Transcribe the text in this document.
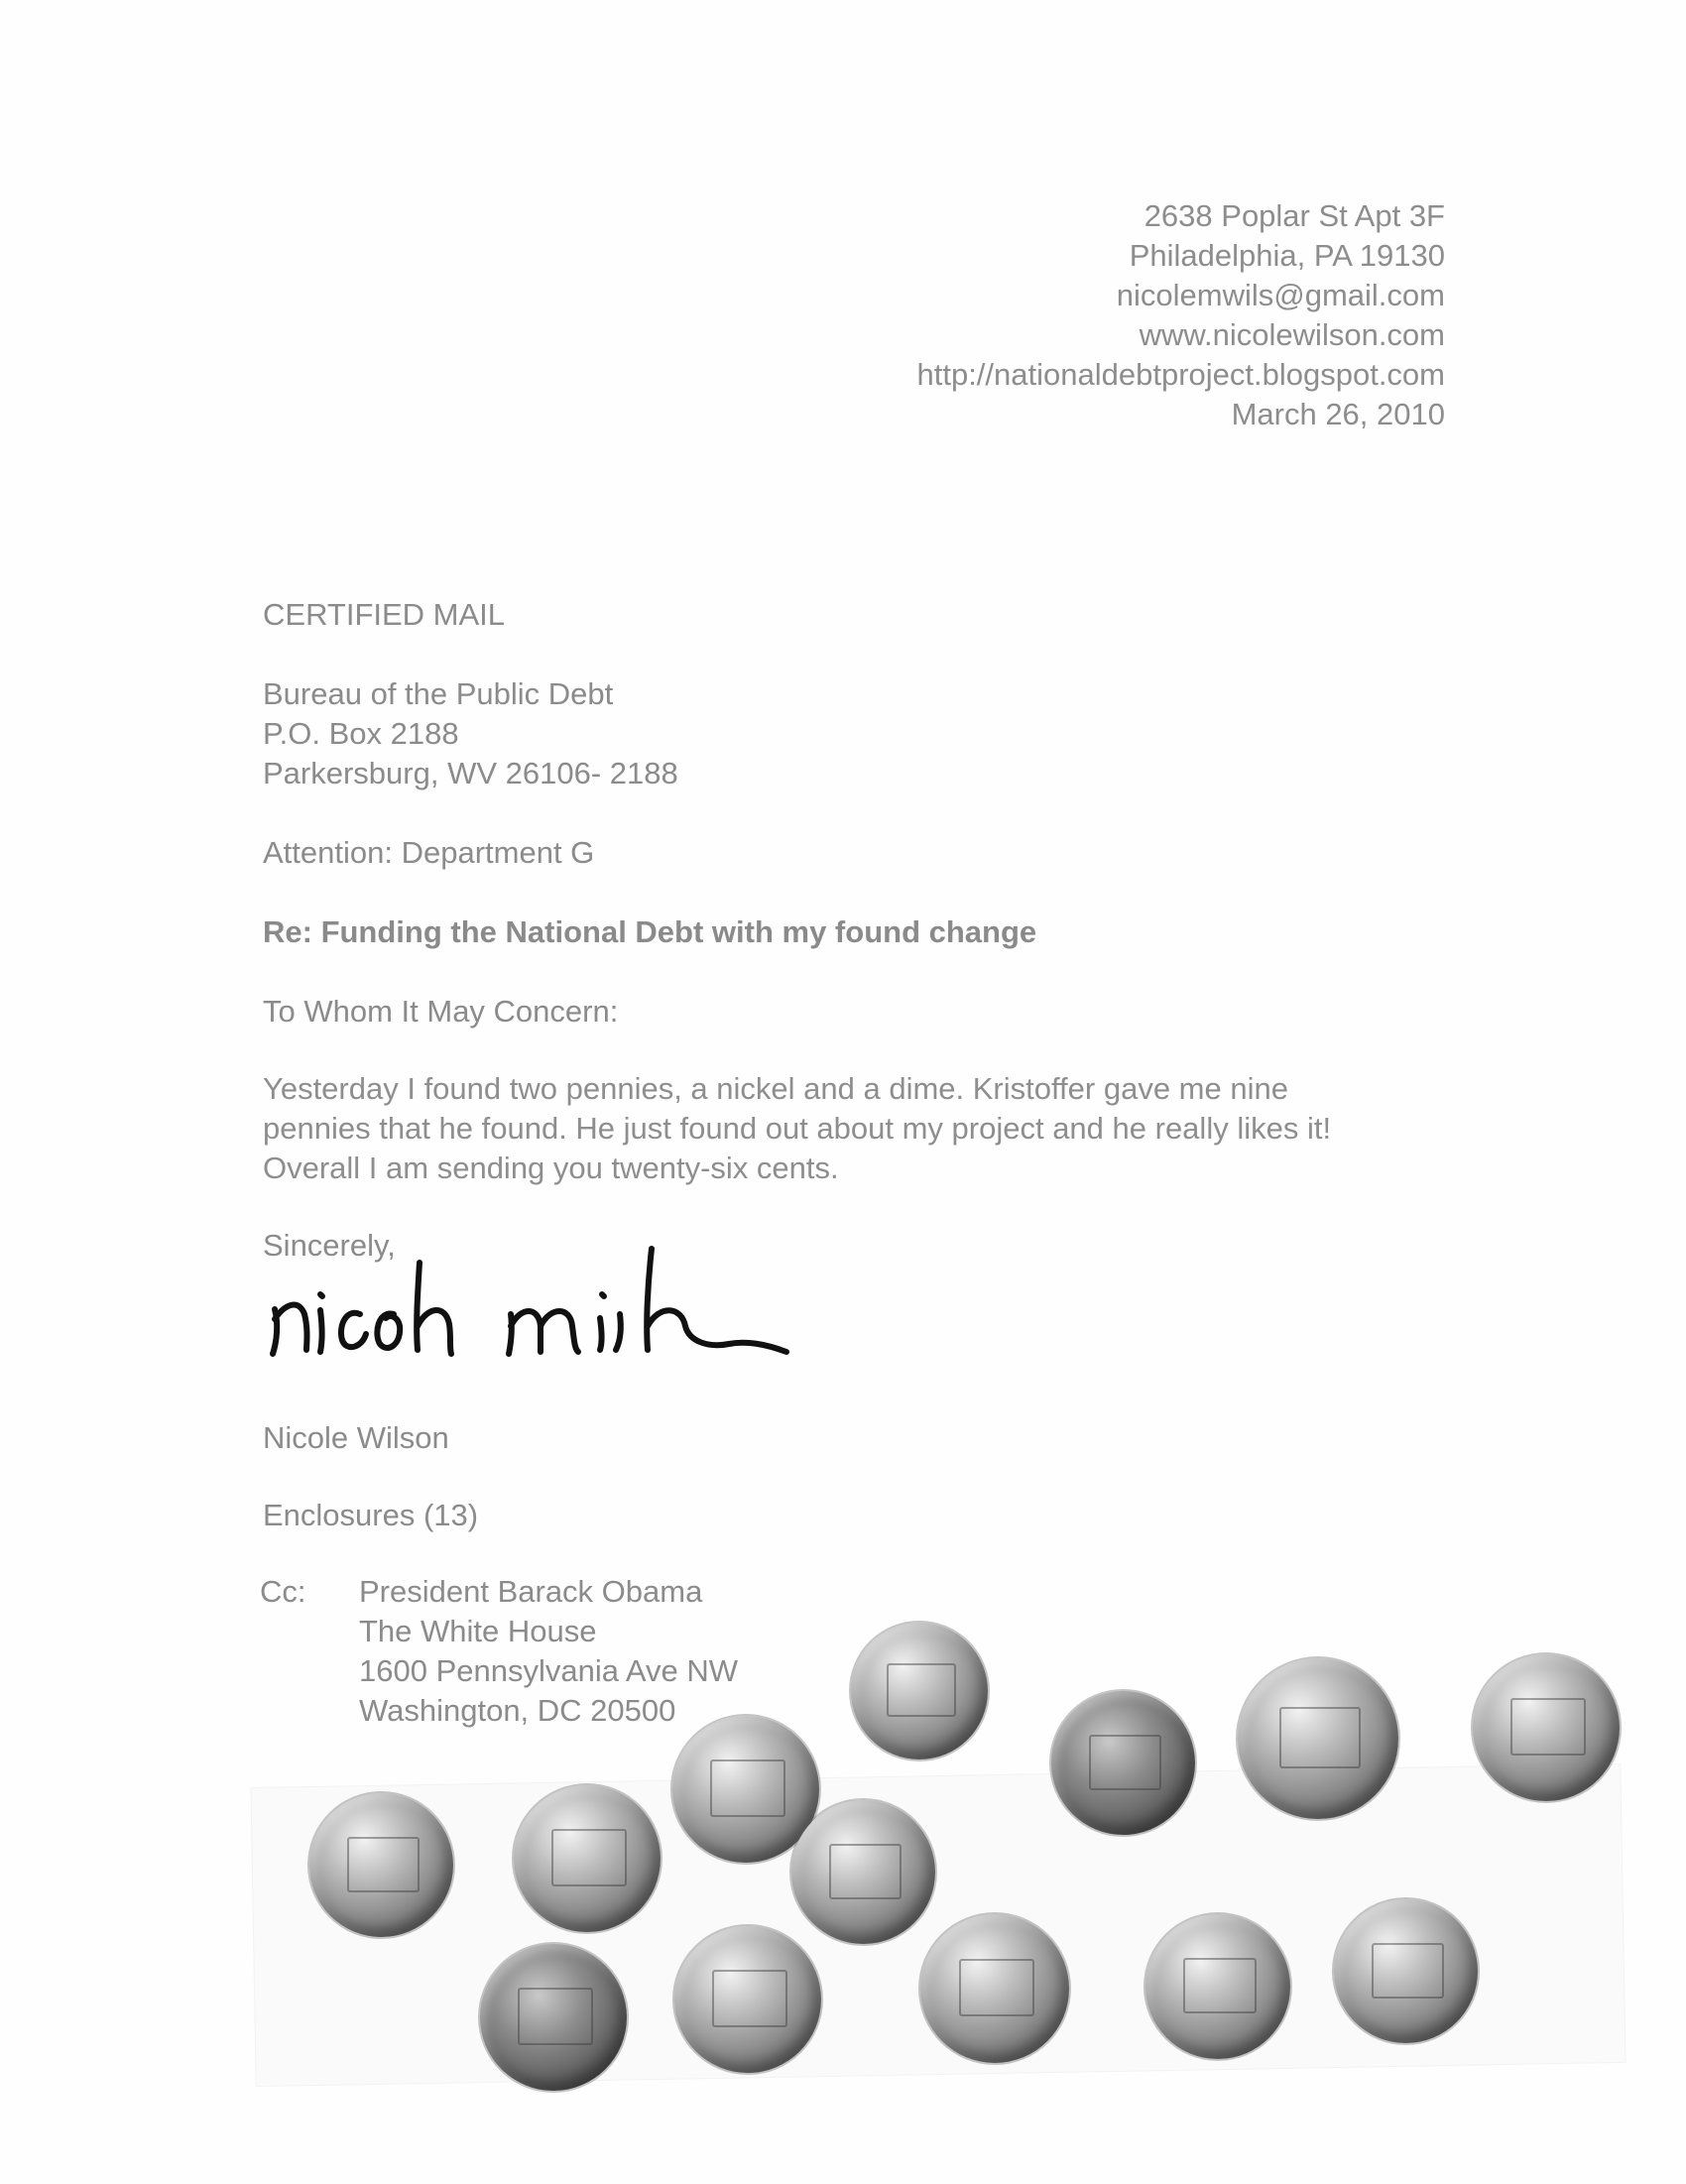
2638 Poplar St Apt 3F
Philadelphia, PA 19130
nicolemwils@gmail.com
www.nicolewilson.com
http://nationaldebtproject.blogspot.com
March 26, 2010
CERTIFIED MAIL
Bureau of the Public Debt
P.O. Box 2188
Parkersburg, WV 26106- 2188
Attention: Department G
Re: Funding the National Debt with my found change
To Whom It May Concern:
Yesterday I found two pennies, a nickel and a dime. Kristoffer gave me nine
pennies that he found. He just found out about my project and he really likes it!
Overall I am sending you twenty-six cents.
Sincerely,
Nicole Wilson
Enclosures (13)
Cc: President Barack Obama
The White House
1600 Pennsylvania Ave NW
Washington, DC 20500
